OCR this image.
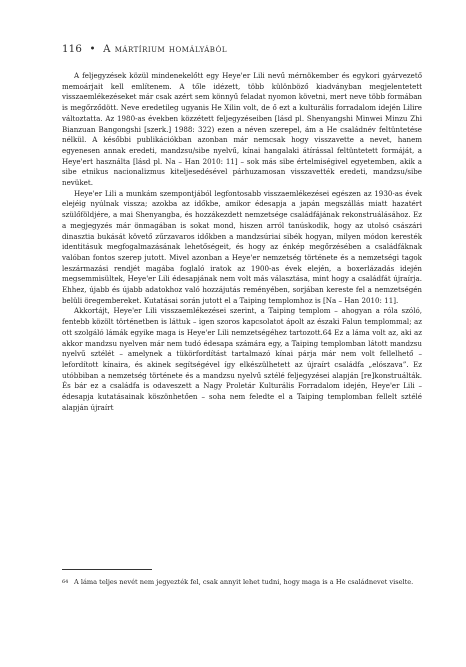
116 • A mártírium homályából

A feljegyzések közül mindenekelőtt egy Heye'er Lili nevű mérnökember és egykori gyárvezető memoárjait kell említenem. A tőle idézett, több különböző kiadványban megjelentetett visszaemlékezéseket már csak azért sem könnyű feladat nyomon követni, mert neve több formában is megőrződött. Neve eredetileg ugyanis He Xilin volt, de ő ezt a kulturális forradalom idején Lilire változtatta. Az 1980-as években közzétett feljegyzéseiben [lásd pl. Shenyangshi Minwei Minzu Zhi Bianzuan Bangongshi [szerk.] 1988: 322) ezen a néven szerepel, ám a He családnév feltüntetése nélkül. A későbbi publikációkban azonban már nemcsak hogy visszavette a nevet, hanem egyenesen annak eredeti, mandzsu/sibe nyelvű, kínai hangalaki átírással feltüntetett formáját, a Heye'ert használta [lásd pl. Na – Han 2010: 11] – sok más sibe értelmiségivel egyetemben, akik a sibe etnikus nacionalizmus kiteljesedésével párhuzamosan visszavették eredeti, mandzsu/sibe nevüket.

Heye'er Lili a munkám szempontjából legfontosabb visszaemlékezései egészen az 1930-as évek elejéig nyúlnak vissza; azokba az időkbe, amikor édesapja a japán megszállás miatt hazatért szülőföldjére, a mai Shenyangba, és hozzákezdett nemzetsége családfájának rekonstruálásához. Ez a megjegyzés már önmagában is sokat mond, hiszen arról tanúskodik, hogy az utolsó császári dinasztia bukását követő zűrzavaros időkben a mandzsúriai sibék hogyan, milyen módon keresték identitásuk megfogalmazásának lehetőségeit, és hogy az énkép megőrzésében a családfáknak valóban fontos szerep jutott. Mivel azonban a Heye'er nemzetség története és a nemzetségi tagok leszármazási rendjét magába foglaló iratok az 1900-as évek elején, a boxerlázadás idején megsemmisültek, Heye'er Lili édesapjának nem volt más választása, mint hogy a családfát újraírja. Ehhez, újabb és újabb adatokhoz való hozzájutás reményében, sorjában kereste fel a nemzetségén belüli öregembereket. Kutatásai során jutott el a Taiping templomhoz is [Na – Han 2010: 11].

Akkortájt, Heye'er Lili visszaemlékezései szerint, a Taiping templom – ahogyan a róla szóló, fentebb közölt történetben is láttuk – igen szoros kapcsolatot ápolt az északi Falun templommal; az ott szolgáló lámák egyike maga is Heye'er Lili nemzetségéhez tartozott.64 Ez a láma volt az, aki az akkor mandzsu nyelven már nem tudó édesapa számára egy, a Taiping templomban látott mandzsu nyelvű sztélét – amelynek a tükörfordítást tartalmazó kínai párja már nem volt fellelhető – lefordított kínaira, és akinek segítségével így elkészülhetett az újraírt családfa „elószava”. Ez utóbbiban a nemzetség története és a mandzsu nyelvű sztélé feljegyzései alapján [re]konstruálták. És bár ez a családfa is odaveszett a Nagy Proletár Kulturális Forradalom idején, Heye'er Lili – édesapja kutatásainak köszönhetően – soha nem feledte el a Taiping templomban fellelt sztélé alapján újraírt

64 A láma teljes nevét nem jegyezték fel, csak annyit lehet tudni, hogy maga is a He családnevet viselte.
